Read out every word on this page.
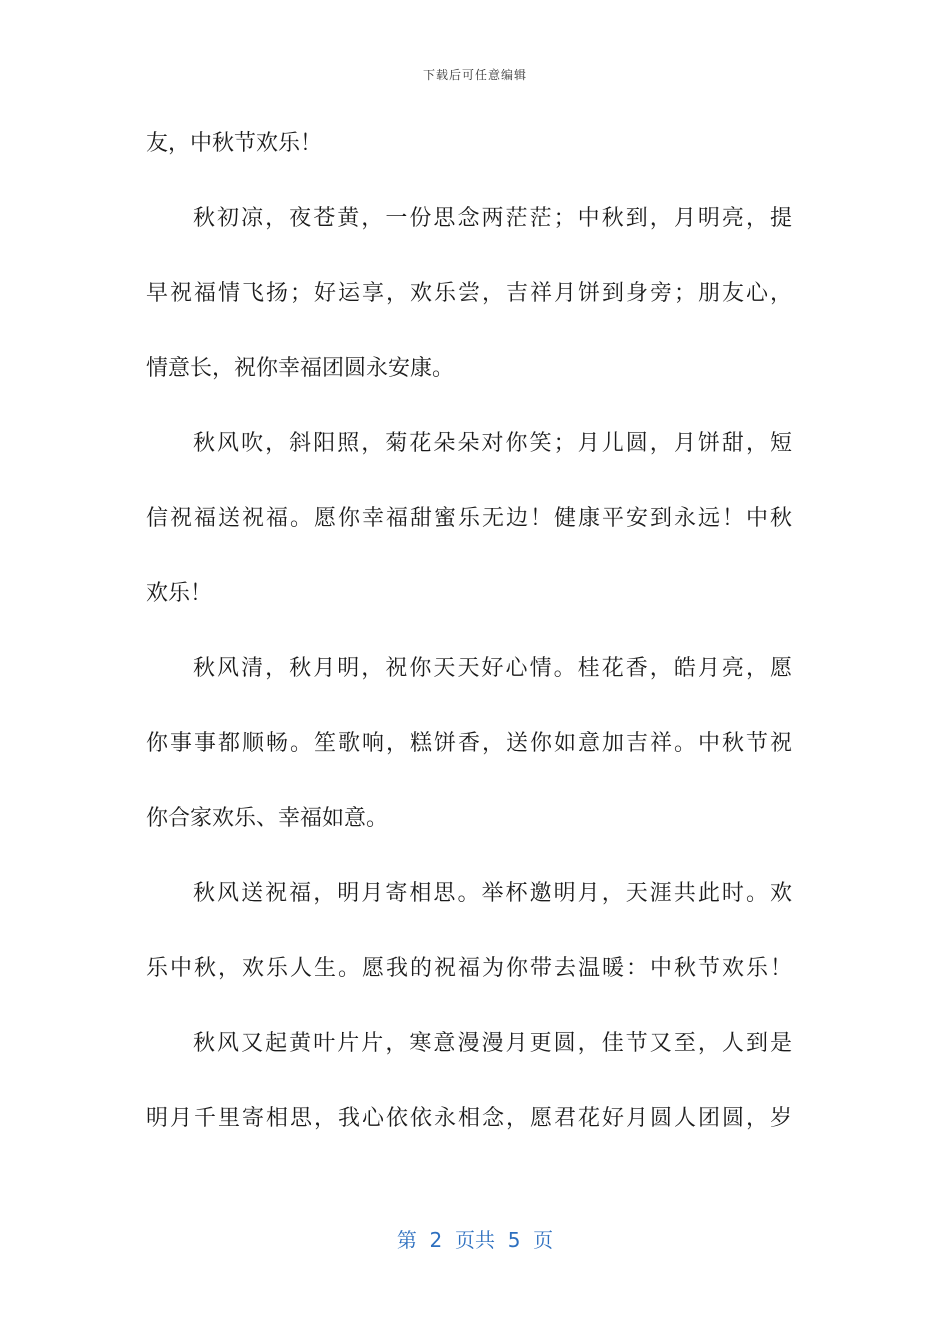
下载后可任意编辑
友，中秋节欢乐！
秋初凉，夜苍黄，一份思念两茫茫；中秋到，月明亮，提
早祝福情飞扬；好运享，欢乐尝，吉祥月饼到身旁；朋友心，
情意长，祝你幸福团圆永安康。
秋风吹，斜阳照，菊花朵朵对你笑；月儿圆，月饼甜，短
信祝福送祝福。愿你幸福甜蜜乐无边！健康平安到永远！中秋
欢乐！
秋风清，秋月明，祝你天天好心情。桂花香，皓月亮，愿
你事事都顺畅。笙歌响，糕饼香，送你如意加吉祥。中秋节祝
你合家欢乐、幸福如意。
秋风送祝福，明月寄相思。举杯邀明月，天涯共此时。欢
乐中秋，欢乐人生。愿我的祝福为你带去温暖：中秋节欢乐！
秋风又起黄叶片片，寒意漫漫月更圆，佳节又至，人到是
明月千里寄相思，我心依依永相念，愿君花好月圆人团圆，岁
第  2  页共  5  页
